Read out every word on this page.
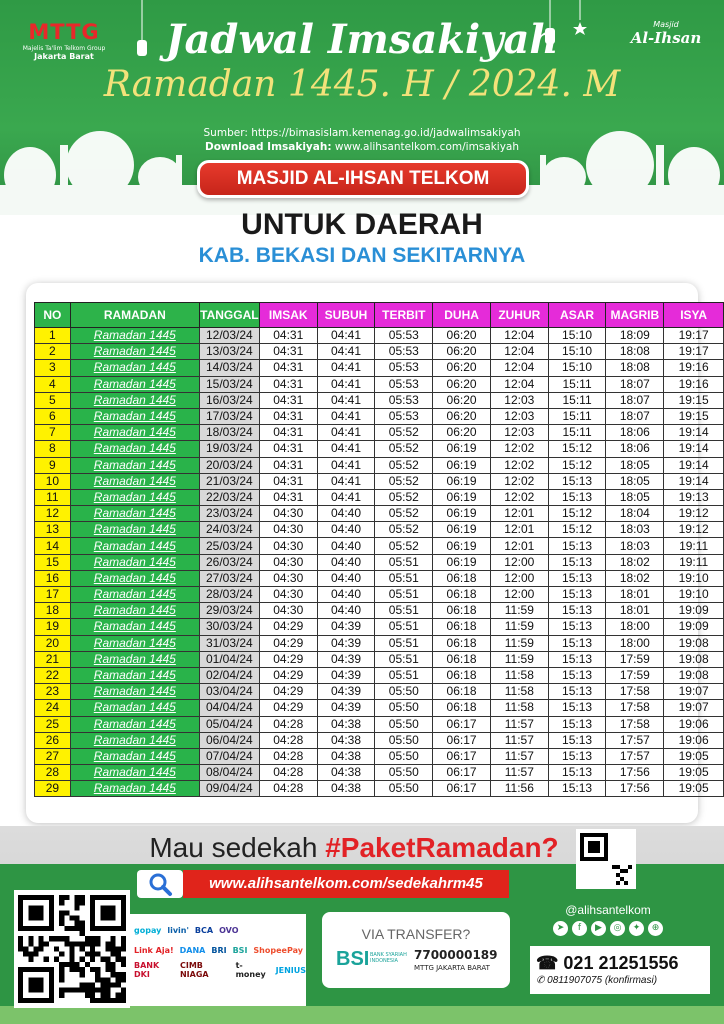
MTTG
Majelis Ta'lim Telkom Group
Jakarta Barat
Masjid
Al-Ihsan
Jadwal Imsakiyah
Ramadan 1445. H / 2024. M
Sumber: https://bimasislam.kemenag.go.id/jadwalimsakiyah
Download Imsakiyah: www.alihsantelkom.com/imsakiyah
MASJID AL-IHSAN TELKOM
UNTUK DAERAH
KAB. BEKASI DAN SEKITARNYA
NO	RAMADAN	TANGGAL	IMSAK	SUBUH	TERBIT	DUHA	ZUHUR	ASAR	MAGRIB	ISYA
1	Ramadan 1445	12/03/24	04:31	04:41	05:53	06:20	12:04	15:10	18:09	19:17
2	Ramadan 1445	13/03/24	04:31	04:41	05:53	06:20	12:04	15:10	18:08	19:17
3	Ramadan 1445	14/03/24	04:31	04:41	05:53	06:20	12:04	15:10	18:08	19:16
4	Ramadan 1445	15/03/24	04:31	04:41	05:53	06:20	12:04	15:11	18:07	19:16
5	Ramadan 1445	16/03/24	04:31	04:41	05:53	06:20	12:03	15:11	18:07	19:15
6	Ramadan 1445	17/03/24	04:31	04:41	05:53	06:20	12:03	15:11	18:07	19:15
7	Ramadan 1445	18/03/24	04:31	04:41	05:52	06:20	12:03	15:11	18:06	19:14
8	Ramadan 1445	19/03/24	04:31	04:41	05:52	06:19	12:02	15:12	18:06	19:14
9	Ramadan 1445	20/03/24	04:31	04:41	05:52	06:19	12:02	15:12	18:05	19:14
10	Ramadan 1445	21/03/24	04:31	04:41	05:52	06:19	12:02	15:13	18:05	19:14
11	Ramadan 1445	22/03/24	04:31	04:41	05:52	06:19	12:02	15:13	18:05	19:13
12	Ramadan 1445	23/03/24	04:30	04:40	05:52	06:19	12:01	15:12	18:04	19:12
13	Ramadan 1445	24/03/24	04:30	04:40	05:52	06:19	12:01	15:12	18:03	19:12
14	Ramadan 1445	25/03/24	04:30	04:40	05:52	06:19	12:01	15:13	18:03	19:11
15	Ramadan 1445	26/03/24	04:30	04:40	05:51	06:19	12:00	15:13	18:02	19:11
16	Ramadan 1445	27/03/24	04:30	04:40	05:51	06:18	12:00	15:13	18:02	19:10
17	Ramadan 1445	28/03/24	04:30	04:40	05:51	06:18	12:00	15:13	18:01	19:10
18	Ramadan 1445	29/03/24	04:30	04:40	05:51	06:18	11:59	15:13	18:01	19:09
19	Ramadan 1445	30/03/24	04:29	04:39	05:51	06:18	11:59	15:13	18:00	19:09
20	Ramadan 1445	31/03/24	04:29	04:39	05:51	06:18	11:59	15:13	18:00	19:08
21	Ramadan 1445	01/04/24	04:29	04:39	05:51	06:18	11:59	15:13	17:59	19:08
22	Ramadan 1445	02/04/24	04:29	04:39	05:51	06:18	11:58	15:13	17:59	19:08
23	Ramadan 1445	03/04/24	04:29	04:39	05:50	06:18	11:58	15:13	17:58	19:07
24	Ramadan 1445	04/04/24	04:29	04:39	05:50	06:18	11:58	15:13	17:58	19:07
25	Ramadan 1445	05/04/24	04:28	04:38	05:50	06:17	11:57	15:13	17:58	19:06
26	Ramadan 1445	06/04/24	04:28	04:38	05:50	06:17	11:57	15:13	17:57	19:06
27	Ramadan 1445	07/04/24	04:28	04:38	05:50	06:17	11:57	15:13	17:57	19:05
28	Ramadan 1445	08/04/24	04:28	04:38	05:50	06:17	11:57	15:13	17:56	19:05
29	Ramadan 1445	09/04/24	04:28	04:38	05:50	06:17	11:56	15:13	17:56	19:05
Mau sedekah #PaketRamadan?
www.alihsantelkom.com/sedekahrm45
gopay livin' BCA OVO
Link Aja! DANA BRI BSI ShopeePay
BANK DKI
CIMB NIAGA
t-money	JENIUS
VIA TRANSFER?
BSI BANK SYARIAH INDONESIA	7700000189
MTTG JAKARTA BARAT
@alihsantelkom
➤	f	▶	◎	✦	⊕
☎ 021 21251556
✆ 0811907075 (konfirmasi)
